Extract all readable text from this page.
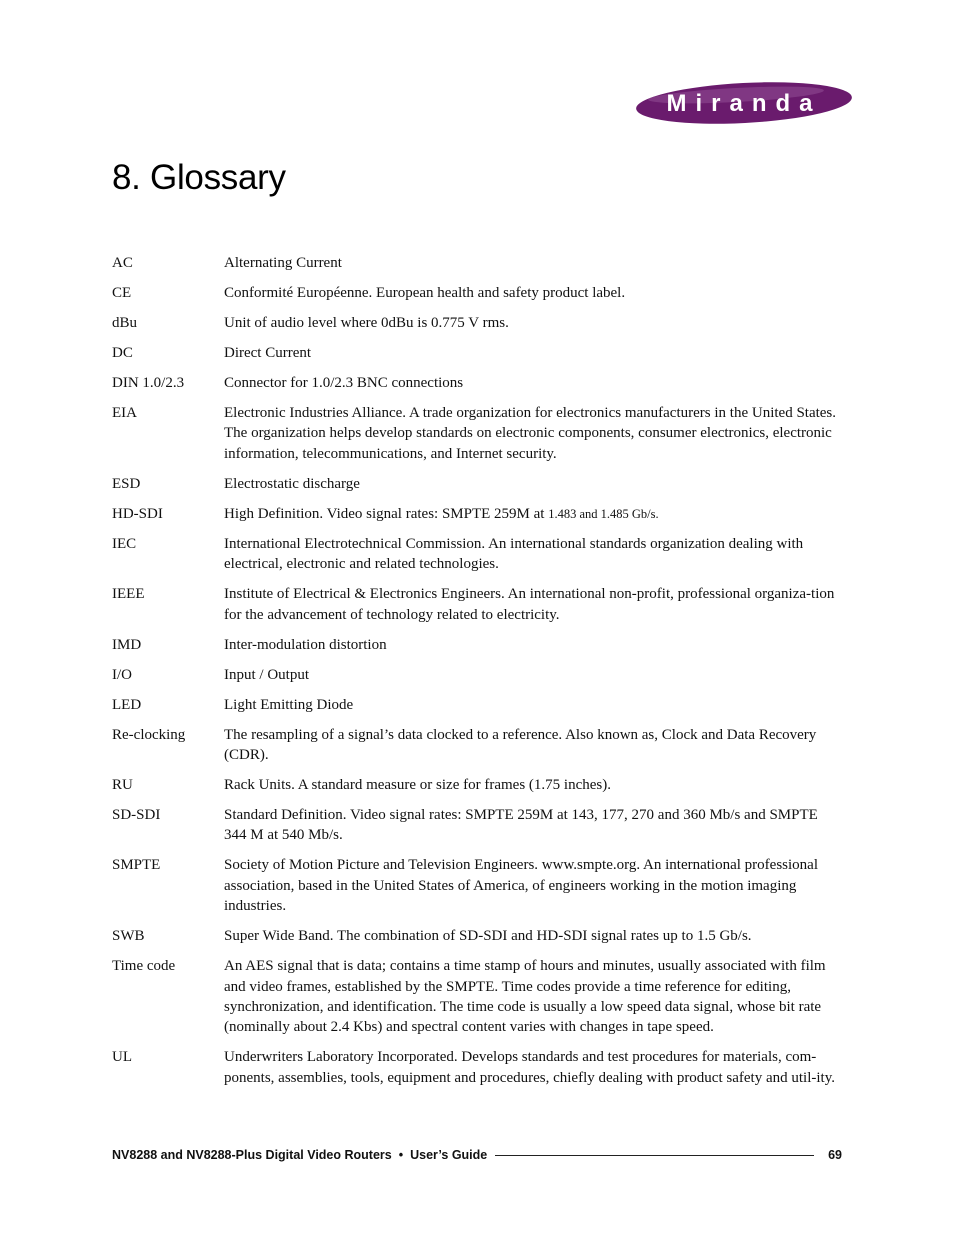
Miranda
8. Glossary
AC	Alternating Current
CE	Conformité Européenne. European health and safety product label.
dBu	Unit of audio level where 0dBu is 0.775 V rms.
DC	Direct Current
DIN 1.0/2.3	Connector for 1.0/2.3 BNC connections
EIA	Electronic Industries Alliance. A trade organization for electronics manufacturers in the United States. The organization helps develop standards on electronic components, consumer electronics, electronic information, telecommunications, and Internet security.
ESD	Electrostatic discharge
HD-SDI	High Definition. Video signal rates: SMPTE 259M at 1.483 and 1.485 Gb/s.
IEC	International Electrotechnical Commission. An international standards organization dealing with electrical, electronic and related technologies.
IEEE	Institute of Electrical & Electronics Engineers. An international non-profit, professional organiza-tion for the advancement of technology related to electricity.
IMD	Inter-modulation distortion
I/O	Input / Output
LED	Light Emitting Diode
Re-clocking	The resampling of a signal’s data clocked to a reference. Also known as, Clock and Data Recovery (CDR).
RU	Rack Units. A standard measure or size for frames (1.75 inches).
SD-SDI	Standard Definition. Video signal rates: SMPTE 259M at 143, 177, 270 and 360 Mb/s and SMPTE 344 M at 540 Mb/s.
SMPTE	Society of Motion Picture and Television Engineers. www.smpte.org. An international professional association, based in the United States of America, of engineers working in the motion imaging industries.
SWB	Super Wide Band. The combination of SD-SDI and HD-SDI signal rates up to 1.5 Gb/s.
Time code	An AES signal that is data; contains a time stamp of hours and minutes, usually associated with film and video frames, established by the SMPTE. Time codes provide a time reference for editing, synchronization, and identification. The time code is usually a low speed data signal, whose bit rate (nominally about 2.4 Kbs) and spectral content varies with changes in tape speed.
UL	Underwriters Laboratory Incorporated. Develops standards and test procedures for materials, com-ponents, assemblies, tools, equipment and procedures, chiefly dealing with product safety and util-ity.
NV8288 and NV8288-Plus Digital Video Routers • User’s Guide	69
